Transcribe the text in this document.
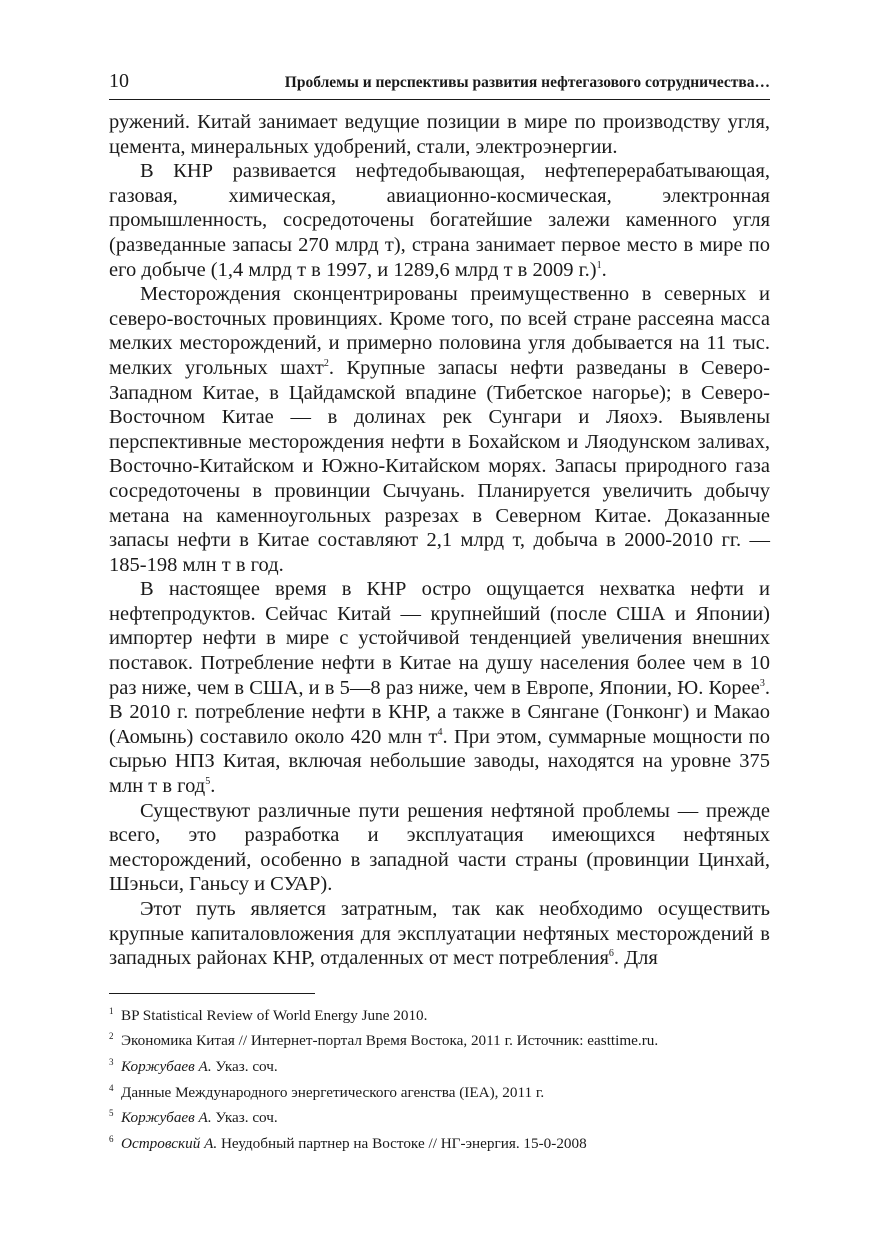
10	Проблемы и перспективы развития нефтегазового сотрудничества…

ружений. Китай занимает ведущие позиции в мире по производству угля, цемента, минеральных удобрений, стали, электроэнергии.

В КНР развивается нефтедобывающая, нефтеперерабатывающая, газовая, химическая, авиационно-космическая, электронная промышленность, сосредоточены богатейшие залежи каменного угля (разведанные запасы 270 млрд т), страна занимает первое место в мире по его добыче (1,4 млрд т в 1997, и 1289,6 млрд т в 2009 г.)$^1$.

Месторождения сконцентрированы преимущественно в северных и северо-восточных провинциях. Кроме того, по всей стране рассеяна масса мелких месторождений, и примерно половина угля добывается на 11 тыс. мелких угольных шахт$^2$. Крупные запасы нефти разведаны в Северо-Западном Китае, в Цайдамской впадине (Тибетское нагорье); в Северо-Восточном Китае — в долинах рек Сунгари и Ляохэ. Выявлены перспективные месторождения нефти в Бохайском и Ляодунском заливах, Восточно-Китайском и Южно-Китайском морях. Запасы природного газа сосредоточены в провинции Сычуань. Планируется увеличить добычу метана на каменноугольных разрезах в Северном Китае. Доказанные запасы нефти в Китае составляют 2,1 млрд т, добыча в 2000-2010 гг. — 185-198 млн т в год.

В настоящее время в КНР остро ощущается нехватка нефти и нефтепродуктов. Сейчас Китай — крупнейший (после США и Японии) импортер нефти в мире с устойчивой тенденцией увеличения внешних поставок. Потребление нефти в Китае на душу населения более чем в 10 раз ниже, чем в США, и в 5—8 раз ниже, чем в Европе, Японии, Ю. Корее$^3$. В 2010 г. потребление нефти в КНР, а также в Сянгане (Гонконг) и Макао (Аомынь) составило около 420 млн $т^4$. При этом, суммарные мощности по сырью НПЗ Китая, включая небольшие заводы, находятся на уровне 375 млн т в год$^5$.

Существуют различные пути решения нефтяной проблемы — прежде всего, это разработка и эксплуатация имеющихся нефтяных месторождений, особенно в западной части страны (провинции Цинхай, Шэньси, Ганьсу и СУАР).

Этот путь является затратным, так как необходимо осуществить крупные капиталовложения для эксплуатации нефтяных месторождений в западных районах КНР, отдаленных от мест потребления$^6$. Для

1 BP Statistical Review of World Energy June 2010.
2 Экономика Китая // Интернет-портал Время Востока, 2011 г. Источник: easttime.ru.
3 Коржубаев А. Указ. соч.
4 Данные Международного энергетического агенства (IEA), 2011 г.
5 Коржубаев А. Указ. соч.
6 Островский А. Неудобный партнер на Востоке // НГ-энергия. 15-0-2008
